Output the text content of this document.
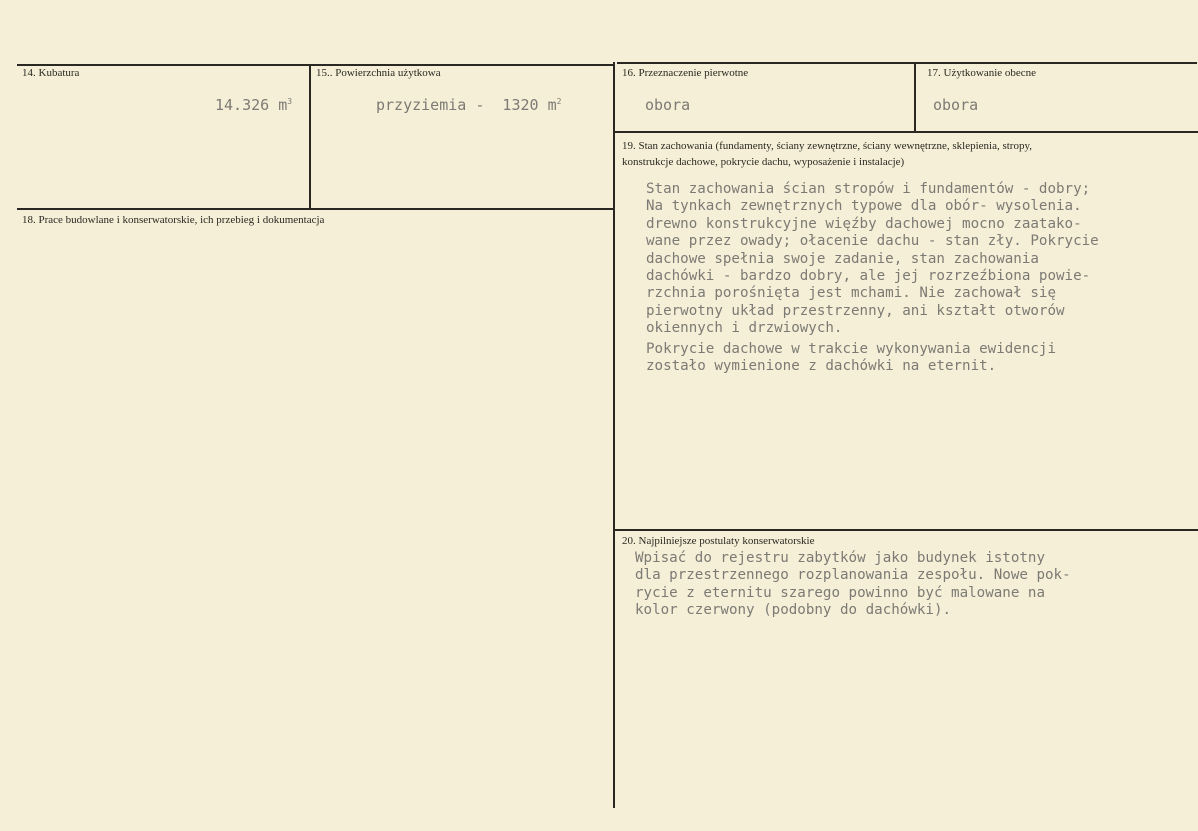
14. Kubatura
14.326 $m^3$
15.. Powierzchnia użytkowa
przyziemia -  1320 $m^2$
16. Przeznaczenie pierwotne
obora
17. Użytkowanie obecne
obora
18. Prace budowlane i konserwatorskie, ich przebieg i dokumentacja
19. Stan zachowania (fundamenty, ściany zewnętrzne, ściany wewnętrzne, sklepienia, stropy,
konstrukcje dachowe, pokrycie dachu, wyposażenie i instalacje)
Stan zachowania ścian stropów i fundamentów - dobry;
Na tynkach zewnętrznych typowe dla obór- wysolenia.
drewno konstrukcyjne więźby dachowej mocno zaatako-
wane przez owady; ołacenie dachu - stan zły. Pokrycie
dachowe spełnia swoje zadanie, stan zachowania
dachówki - bardzo dobry, ale jej rozrzeźbiona powie-
rzchnia porośnięta jest mchami. Nie zachował się
pierwotny układ przestrzenny, ani kształt otworów
okiennych i drzwiowych.
Pokrycie dachowe w trakcie wykonywania ewidencji
zostało wymienione z dachówki na eternit.
20. Najpilniejsze postulaty konserwatorskie
Wpisać do rejestru zabytków jako budynek istotny
dla przestrzennego rozplanowania zespołu. Nowe pok-
rycie z eternitu szarego powinno być malowane na
kolor czerwony (podobny do dachówki).
